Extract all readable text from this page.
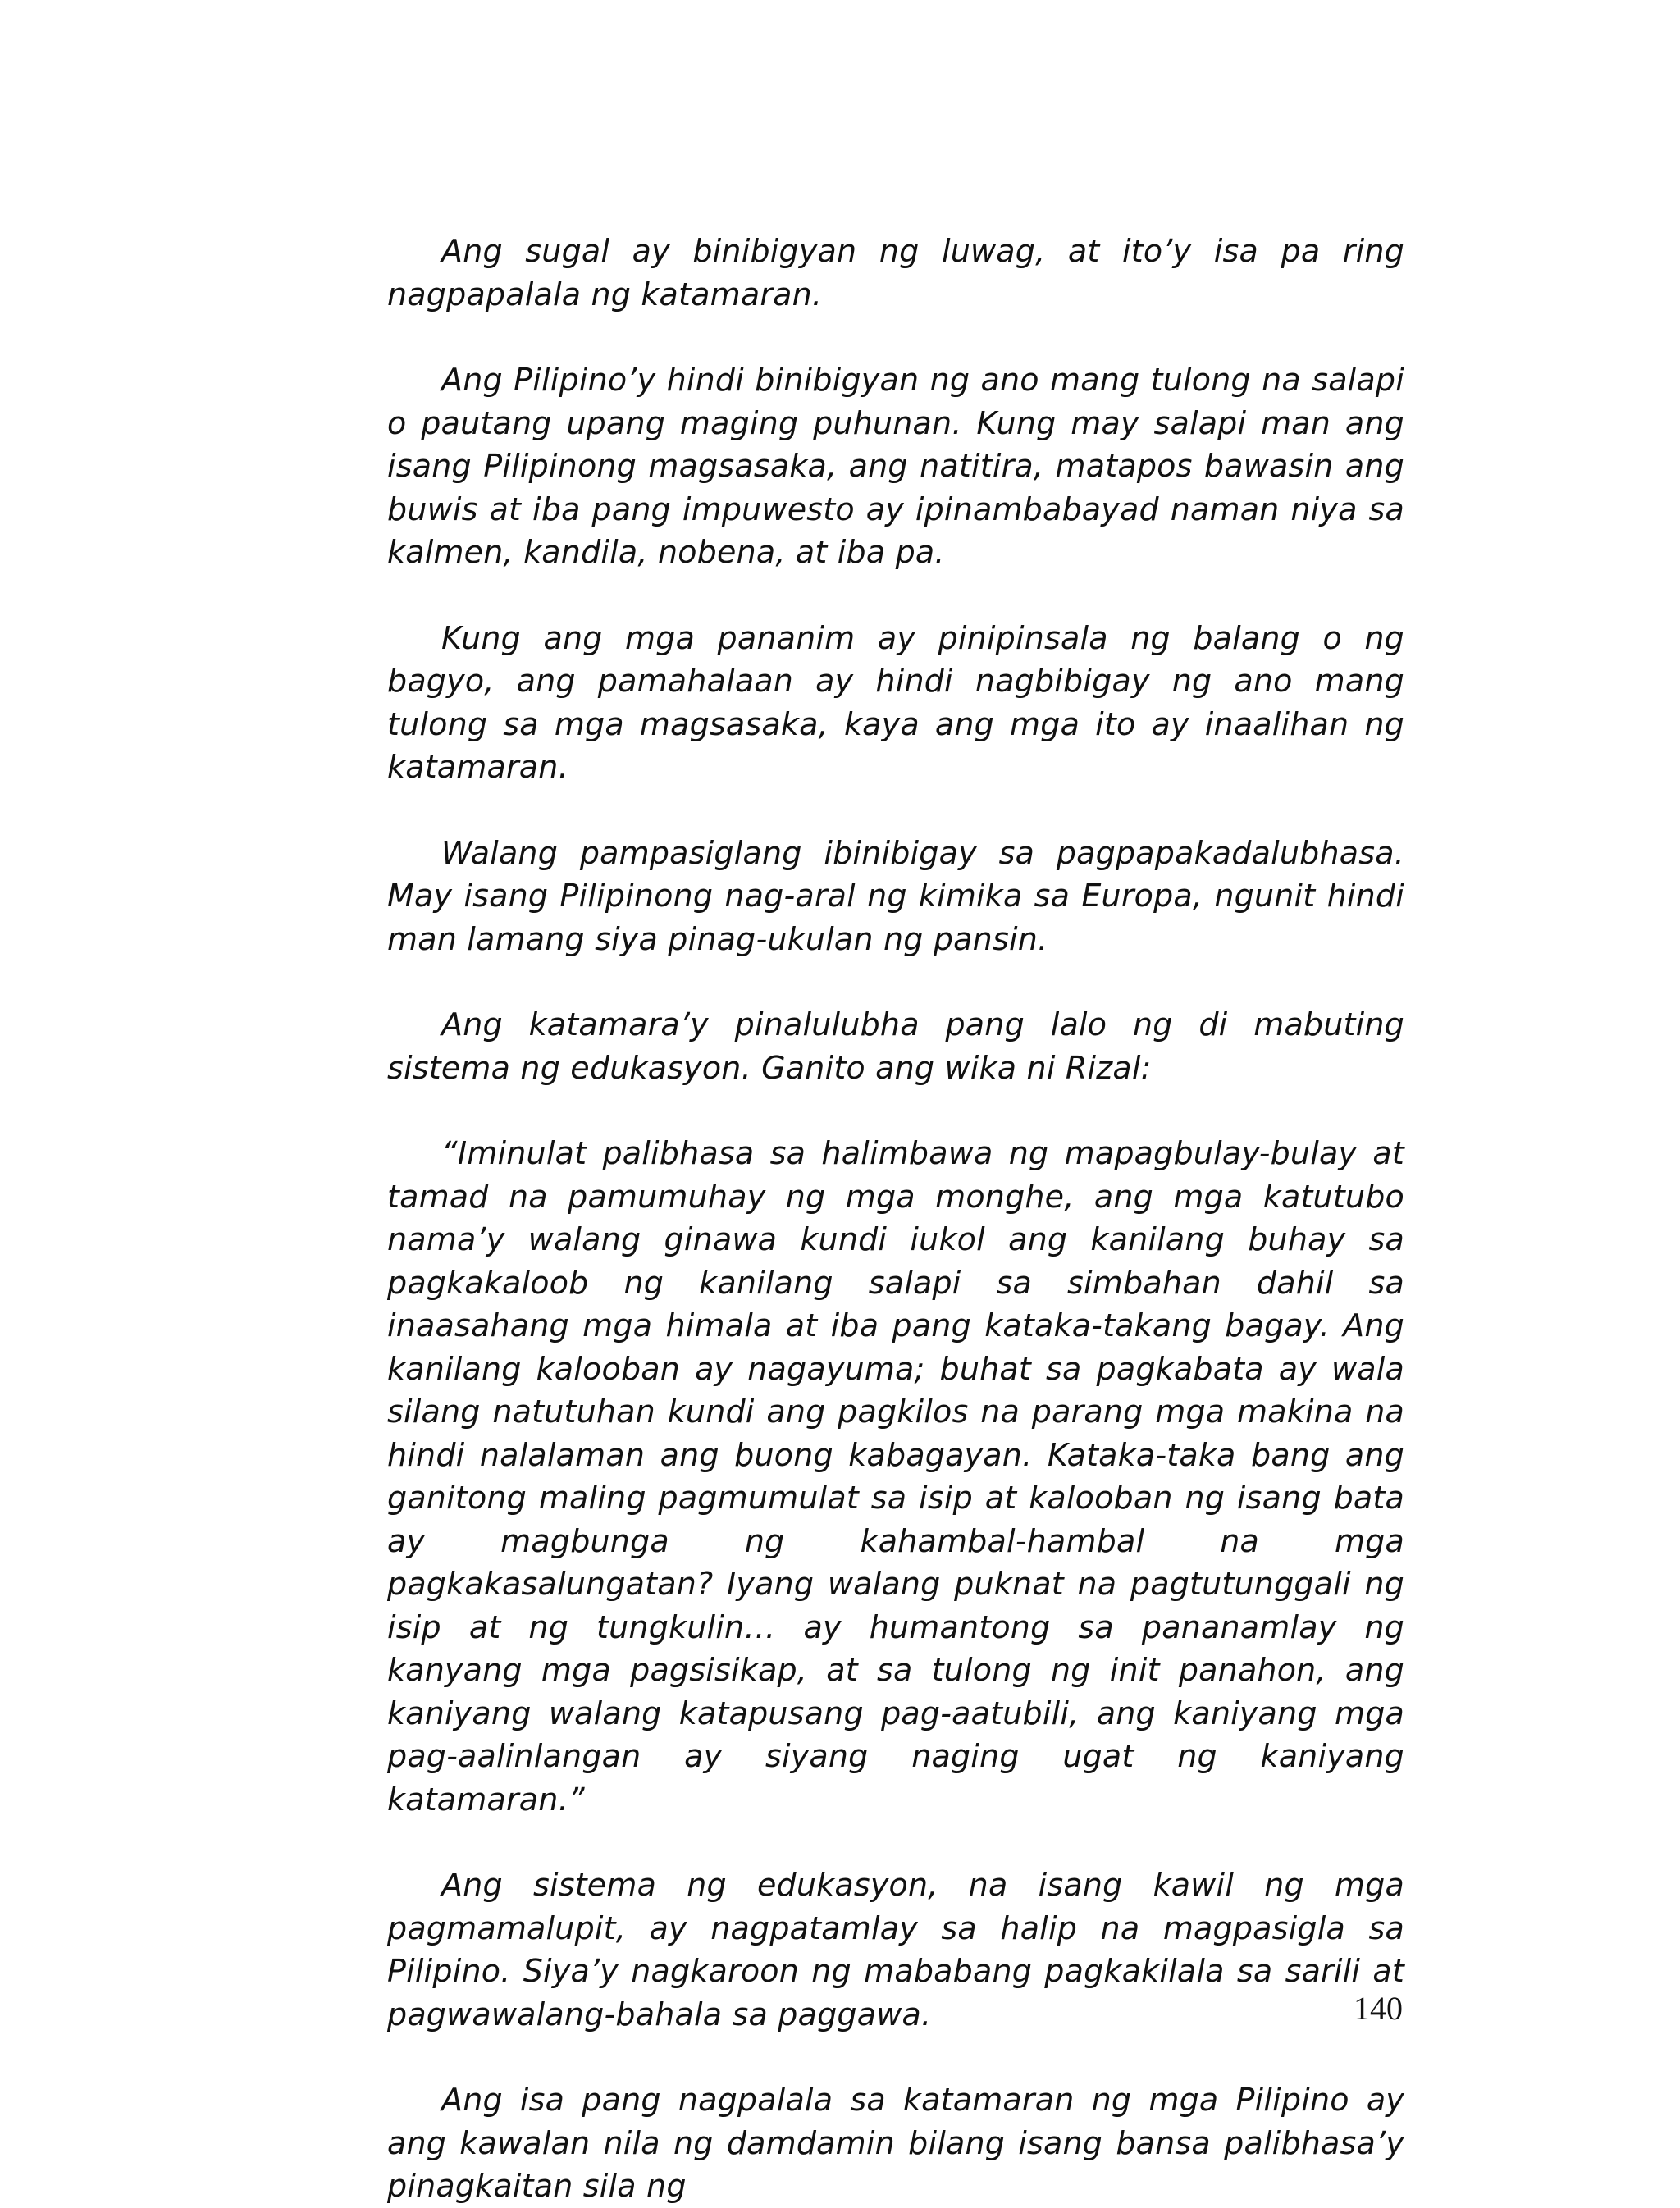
Ang sugal ay binibigyan ng luwag, at ito’y isa pa ring nagpapalala ng katamaran.

Ang Pilipino’y hindi binibigyan ng ano mang tulong na salapi o pautang upang maging puhunan. Kung may salapi man ang isang Pilipinong magsasaka, ang natitira, matapos bawasin ang buwis at iba pang impuwesto ay ipinambabayad naman niya sa kalmen, kandila, nobena, at iba pa.

Kung ang mga pananim ay pinipinsala ng balang o ng bagyo, ang pamahalaan ay hindi nagbibigay ng ano mang tulong sa mga magsasaka, kaya ang mga ito ay inaalihan ng katamaran.

Walang pampasiglang ibinibigay sa pagpapakadalubhasa. May isang Pilipinong nag-aral ng kimika sa Europa, ngunit hindi man lamang siya pinag-ukulan ng pansin.

Ang katamara’y pinalulubha pang lalo ng di mabuting sistema ng edukasyon. Ganito ang wika ni Rizal:

“Iminulat palibhasa sa halimbawa ng mapagbulay-bulay at tamad na pamumuhay ng mga monghe, ang mga katutubo nama’y walang ginawa kundi iukol ang kanilang buhay sa pagkakaloob ng kanilang salapi sa simbahan dahil sa inaasahang mga himala at iba pang kataka-takang bagay. Ang kanilang kalooban ay nagayuma; buhat sa pagkabata ay wala silang natutuhan kundi ang pagkilos na parang mga makina na hindi nalalaman ang buong kabagayan. Kataka-taka bang ang ganitong maling pagmumulat sa isip at kalooban ng isang bata ay magbunga ng kahambal-hambal na mga pagkakasalungatan? Iyang walang puknat na pagtutunggali ng isip at ng tungkulin… ay humantong sa pananamlay ng kanyang mga pagsisikap, at sa tulong ng init panahon, ang kaniyang walang katapusang pag-aatubili, ang kaniyang mga pag-aalinlangan ay siyang naging ugat ng kaniyang katamaran.”

Ang sistema ng edukasyon, na isang kawil ng mga pagmamalupit, ay nagpatamlay sa halip na magpasigla sa Pilipino. Siya’y nagkaroon ng mababang pagkakilala sa sarili at pagwawalang-bahala sa paggawa.

Ang isa pang nagpalala sa katamaran ng mga Pilipino ay ang kawalan nila ng damdamin bilang isang bansa palibhasa’y pinagkaitan sila ng

140
